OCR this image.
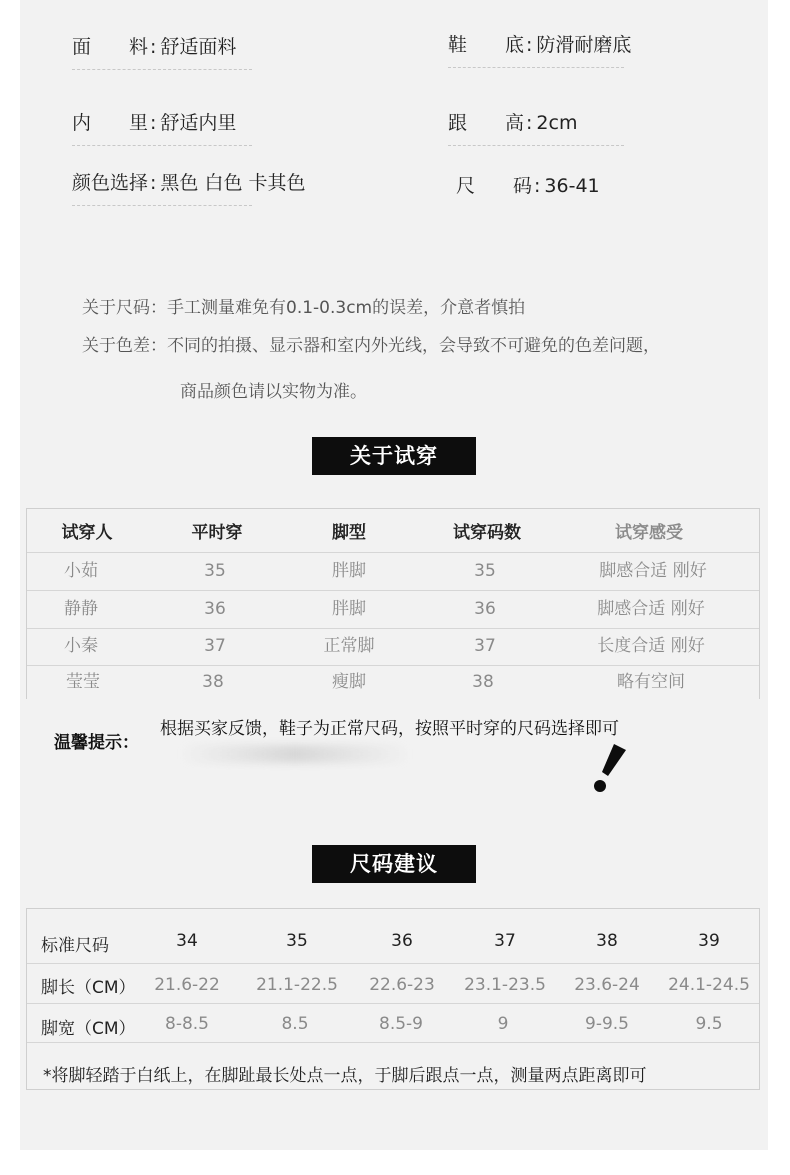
面　　料 : 舒适面料	鞋　　底 : 防滑耐磨底
内　　里 : 舒适内里	跟　　高 : 2cm
颜色选择 : 黑色 白色 卡其色	尺　　码 : 36-41
关于尺码：手工测量难免有0.1-0.3cm的误差，介意者慎拍
关于色差：不同的拍摄、显示器和室内外光线，会导致不可避免的色差问题，
商品颜色请以实物为准。
关于试穿
试穿人	平时穿	脚型	试穿码数	试穿感受
小茹	35	胖脚	35	脚感合适 刚好
静静	36	胖脚	36	脚感合适 刚好
小秦	37	正常脚	37	长度合适 刚好
莹莹	38	瘦脚	38	略有空间
温馨提示：
根据买家反馈，鞋子为正常尺码，按照平时穿的尺码选择即可
尺码建议
标准尺码	34	35	36	37	38	39
脚长（CM）	21.6-22	21.1-22.5	22.6-23	23.1-23.5	23.6-24	24.1-24.5
脚宽（CM）	8-8.5	8.5	8.5-9	9	9-9.5	9.5
*将脚轻踏于白纸上，在脚趾最长处点一点，于脚后跟点一点，测量两点距离即可
